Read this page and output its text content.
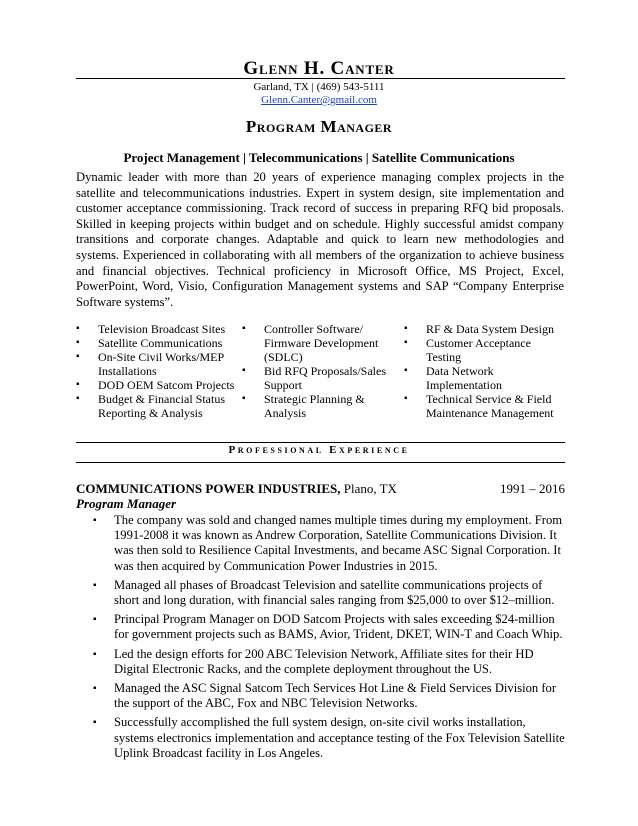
Glenn H. Canter
Garland, TX | (469) 543-5111
Glenn.Canter@gmail.com
Program Manager
Project Management | Telecommunications | Satellite Communications
Dynamic leader with more than 20 years of experience managing complex projects in the satellite and telecommunications industries. Expert in system design, site implementation and customer acceptance commissioning. Track record of success in preparing RFQ bid proposals. Skilled in keeping projects within budget and on schedule. Highly successful amidst company transitions and corporate changes. Adaptable and quick to learn new methodologies and systems. Experienced in collaborating with all members of the organization to achieve business and financial objectives. Technical proficiency in Microsoft Office, MS Project, Excel, PowerPoint, Word, Visio, Configuration Management systems and SAP “Company Enterprise Software systems”.
▪ Television Broadcast Sites
▪ Satellite Communications
▪ On-Site Civil Works/MEP Installations
▪ DOD OEM Satcom Projects
▪ Budget & Financial Status Reporting & Analysis
▪ Controller Software/ Firmware Development (SDLC)
▪ Bid RFQ Proposals/Sales Support
▪ Strategic Planning & Analysis
▪ RF & Data System Design
▪ Customer Acceptance Testing
▪ Data Network Implementation
▪ Technical Service & Field Maintenance Management
Professional Experience
COMMUNICATIONS POWER INDUSTRIES, Plano, TX	1991 – 2016
Program Manager
▪ The company was sold and changed names multiple times during my employment. From 1991-2008 it was known as Andrew Corporation, Satellite Communications Division. It was then sold to Resilience Capital Investments, and became ASC Signal Corporation. It was then acquired by Communication Power Industries in 2015.
▪ Managed all phases of Broadcast Television and satellite communications projects of short and long duration, with financial sales ranging from $25,000 to over $12–million.
▪ Principal Program Manager on DOD Satcom Projects with sales exceeding $24-million for government projects such as BAMS, Avior, Trident, DKET, WIN-T and Coach Whip.
▪ Led the design efforts for 200 ABC Television Network, Affiliate sites for their HD Digital Electronic Racks, and the complete deployment throughout the US.
▪ Managed the ASC Signal Satcom Tech Services Hot Line & Field Services Division for the support of the ABC, Fox and NBC Television Networks.
▪ Successfully accomplished the full system design, on-site civil works installation, systems electronics implementation and acceptance testing of the Fox Television Satellite Uplink Broadcast facility in Los Angeles.
